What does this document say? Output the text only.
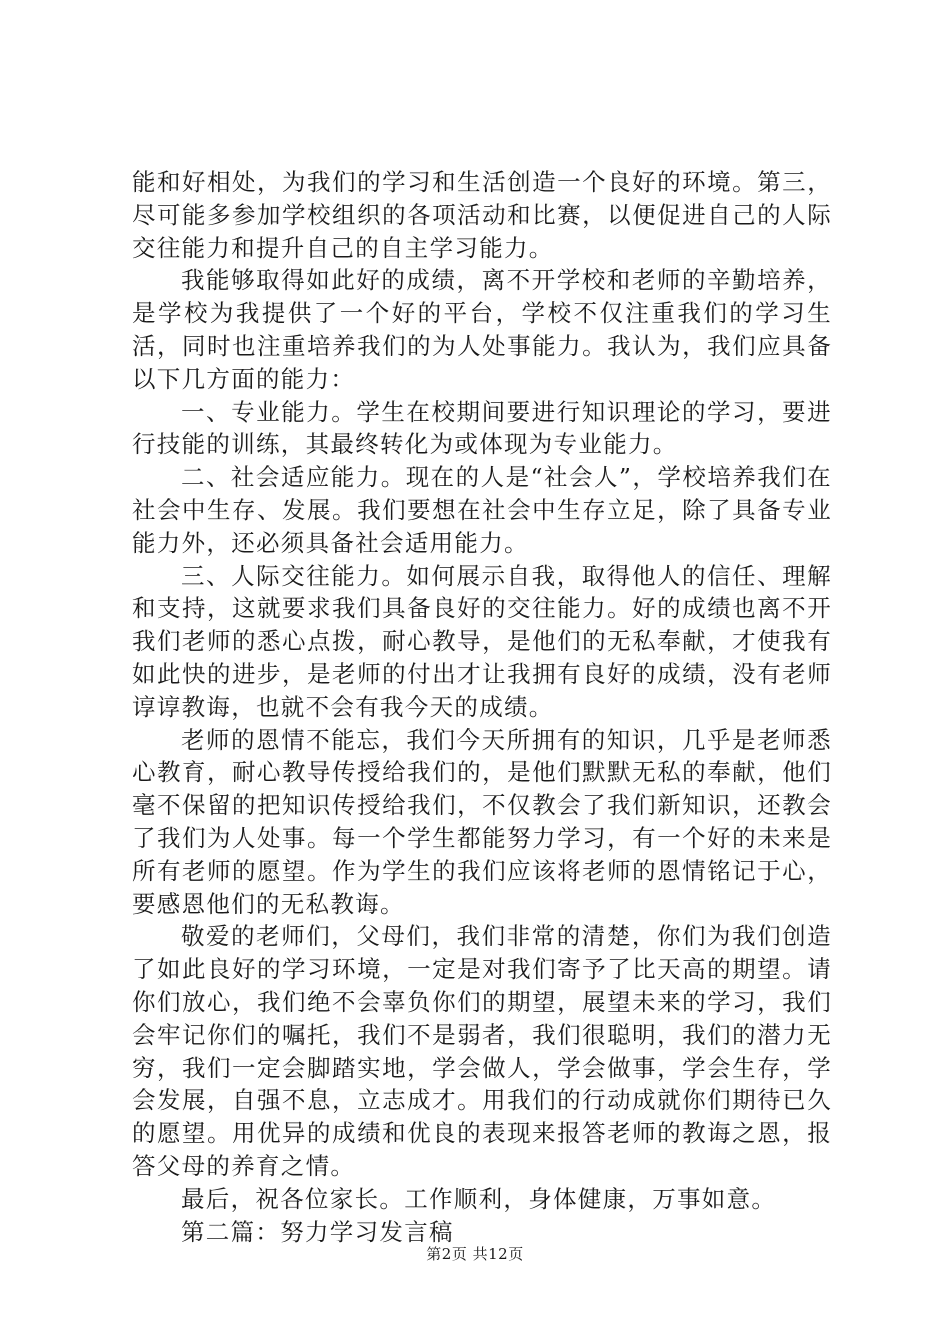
能和好相处，为我们的学习和生活创造一个良好的环境。第三，尽可能多参加学校组织的各项活动和比赛，以便促进自己的人际交往能力和提升自己的自主学习能力。

我能够取得如此好的成绩，离不开学校和老师的辛勤培养，是学校为我提供了一个好的平台，学校不仅注重我们的学习生活，同时也注重培养我们的为人处事能力。我认为，我们应具备以下几方面的能力：

一、专业能力。学生在校期间要进行知识理论的学习，要进行技能的训练，其最终转化为或体现为专业能力。

二、社会适应能力。现在的人是“社会人”，学校培养我们在社会中生存、发展。我们要想在社会中生存立足，除了具备专业能力外，还必须具备社会适用能力。

三、人际交往能力。如何展示自我，取得他人的信任、理解和支持，这就要求我们具备良好的交往能力。好的成绩也离不开我们老师的悉心点拨，耐心教导，是他们的无私奉献，才使我有如此快的进步，是老师的付出才让我拥有良好的成绩，没有老师谆谆教诲，也就不会有我今天的成绩。

老师的恩情不能忘，我们今天所拥有的知识，几乎是老师悉心教育，耐心教导传授给我们的，是他们默默无私的奉献，他们毫不保留的把知识传授给我们，不仅教会了我们新知识，还教会了我们为人处事。每一个学生都能努力学习，有一个好的未来是所有老师的愿望。作为学生的我们应该将老师的恩情铭记于心，要感恩他们的无私教诲。

敬爱的老师们，父母们，我们非常的清楚，你们为我们创造了如此良好的学习环境，一定是对我们寄予了比天高的期望。请你们放心，我们绝不会辜负你们的期望，展望未来的学习，我们会牢记你们的嘱托，我们不是弱者，我们很聪明，我们的潜力无穷，我们一定会脚踏实地，学会做人，学会做事，学会生存，学会发展，自强不息，立志成才。用我们的行动成就你们期待已久的愿望。用优异的成绩和优良的表现来报答老师的教诲之恩，报答父母的养育之情。

最后，祝各位家长。工作顺利，身体健康，万事如意。

第二篇：努力学习发言稿

第2页 共12页
